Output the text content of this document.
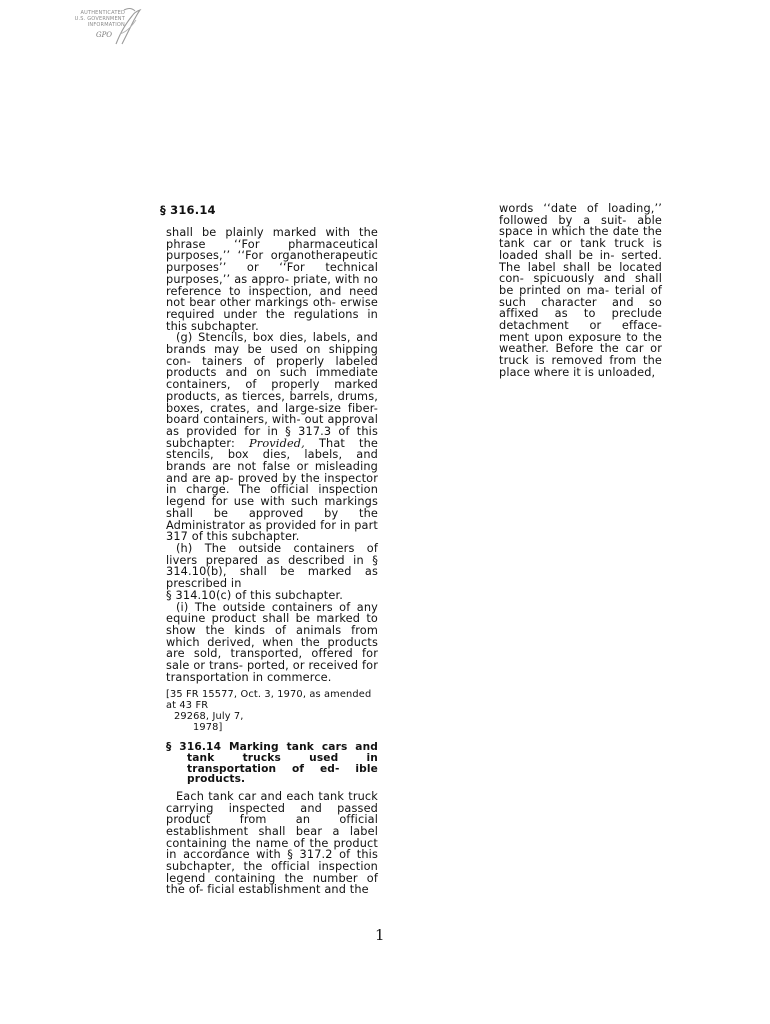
AUTHENTICATED
U.S. GOVERNMENT
INFORMATION
GPO
§ 316.14

shall be plainly marked with the phrase ‘‘For pharmaceutical purposes,’’ ‘‘For organotherapeutic purposes’’ or ‘‘For technical purposes,’’ as appro- priate, with no reference to inspection, and need not bear other markings oth- erwise required under the regulations in this subchapter.

(g) Stencils, box dies, labels, and brands may be used on shipping con- tainers of properly labeled products and on such immediate containers, of properly marked products, as tierces, barrels, drums, boxes, crates, and large-size fiber-board containers, with- out approval as provided for in § 317.3 of this subchapter: Provided, That the stencils, box dies, labels, and brands are not false or misleading and are ap- proved by the inspector in charge. The official inspection legend for use with such markings shall be approved by the Administrator as provided for in part 317 of this subchapter.

(h) The outside containers of livers prepared as described in § 314.10(b), shall be marked as prescribed in

§ 314.10(c) of this subchapter.

(i) The outside containers of any equine product shall be marked to show the kinds of animals from which derived, when the products are sold, transported, offered for sale or trans- ported, or received for transportation in commerce.

[35 FR 15577, Oct. 3, 1970, as amended at 43 FR
29268, July 7,
1978]

§ 316.14 Marking tank cars and tank trucks used in transportation of ed- ible products.

Each tank car and each tank truck carrying inspected and passed product from an official establishment shall bear a label containing the name of the product in accordance with § 317.2 of this subchapter, the official inspection legend containing the number of the of- ficial establishment and the

words ‘‘date of loading,’’ followed by a suit- able space in which the date the tank car or tank truck is loaded shall be in- serted. The label shall be located con- spicuously and shall be printed on ma- terial of such character and so affixed as to preclude detachment or efface- ment upon exposure to the weather. Before the car or truck is removed from the place where it is unloaded,

1
